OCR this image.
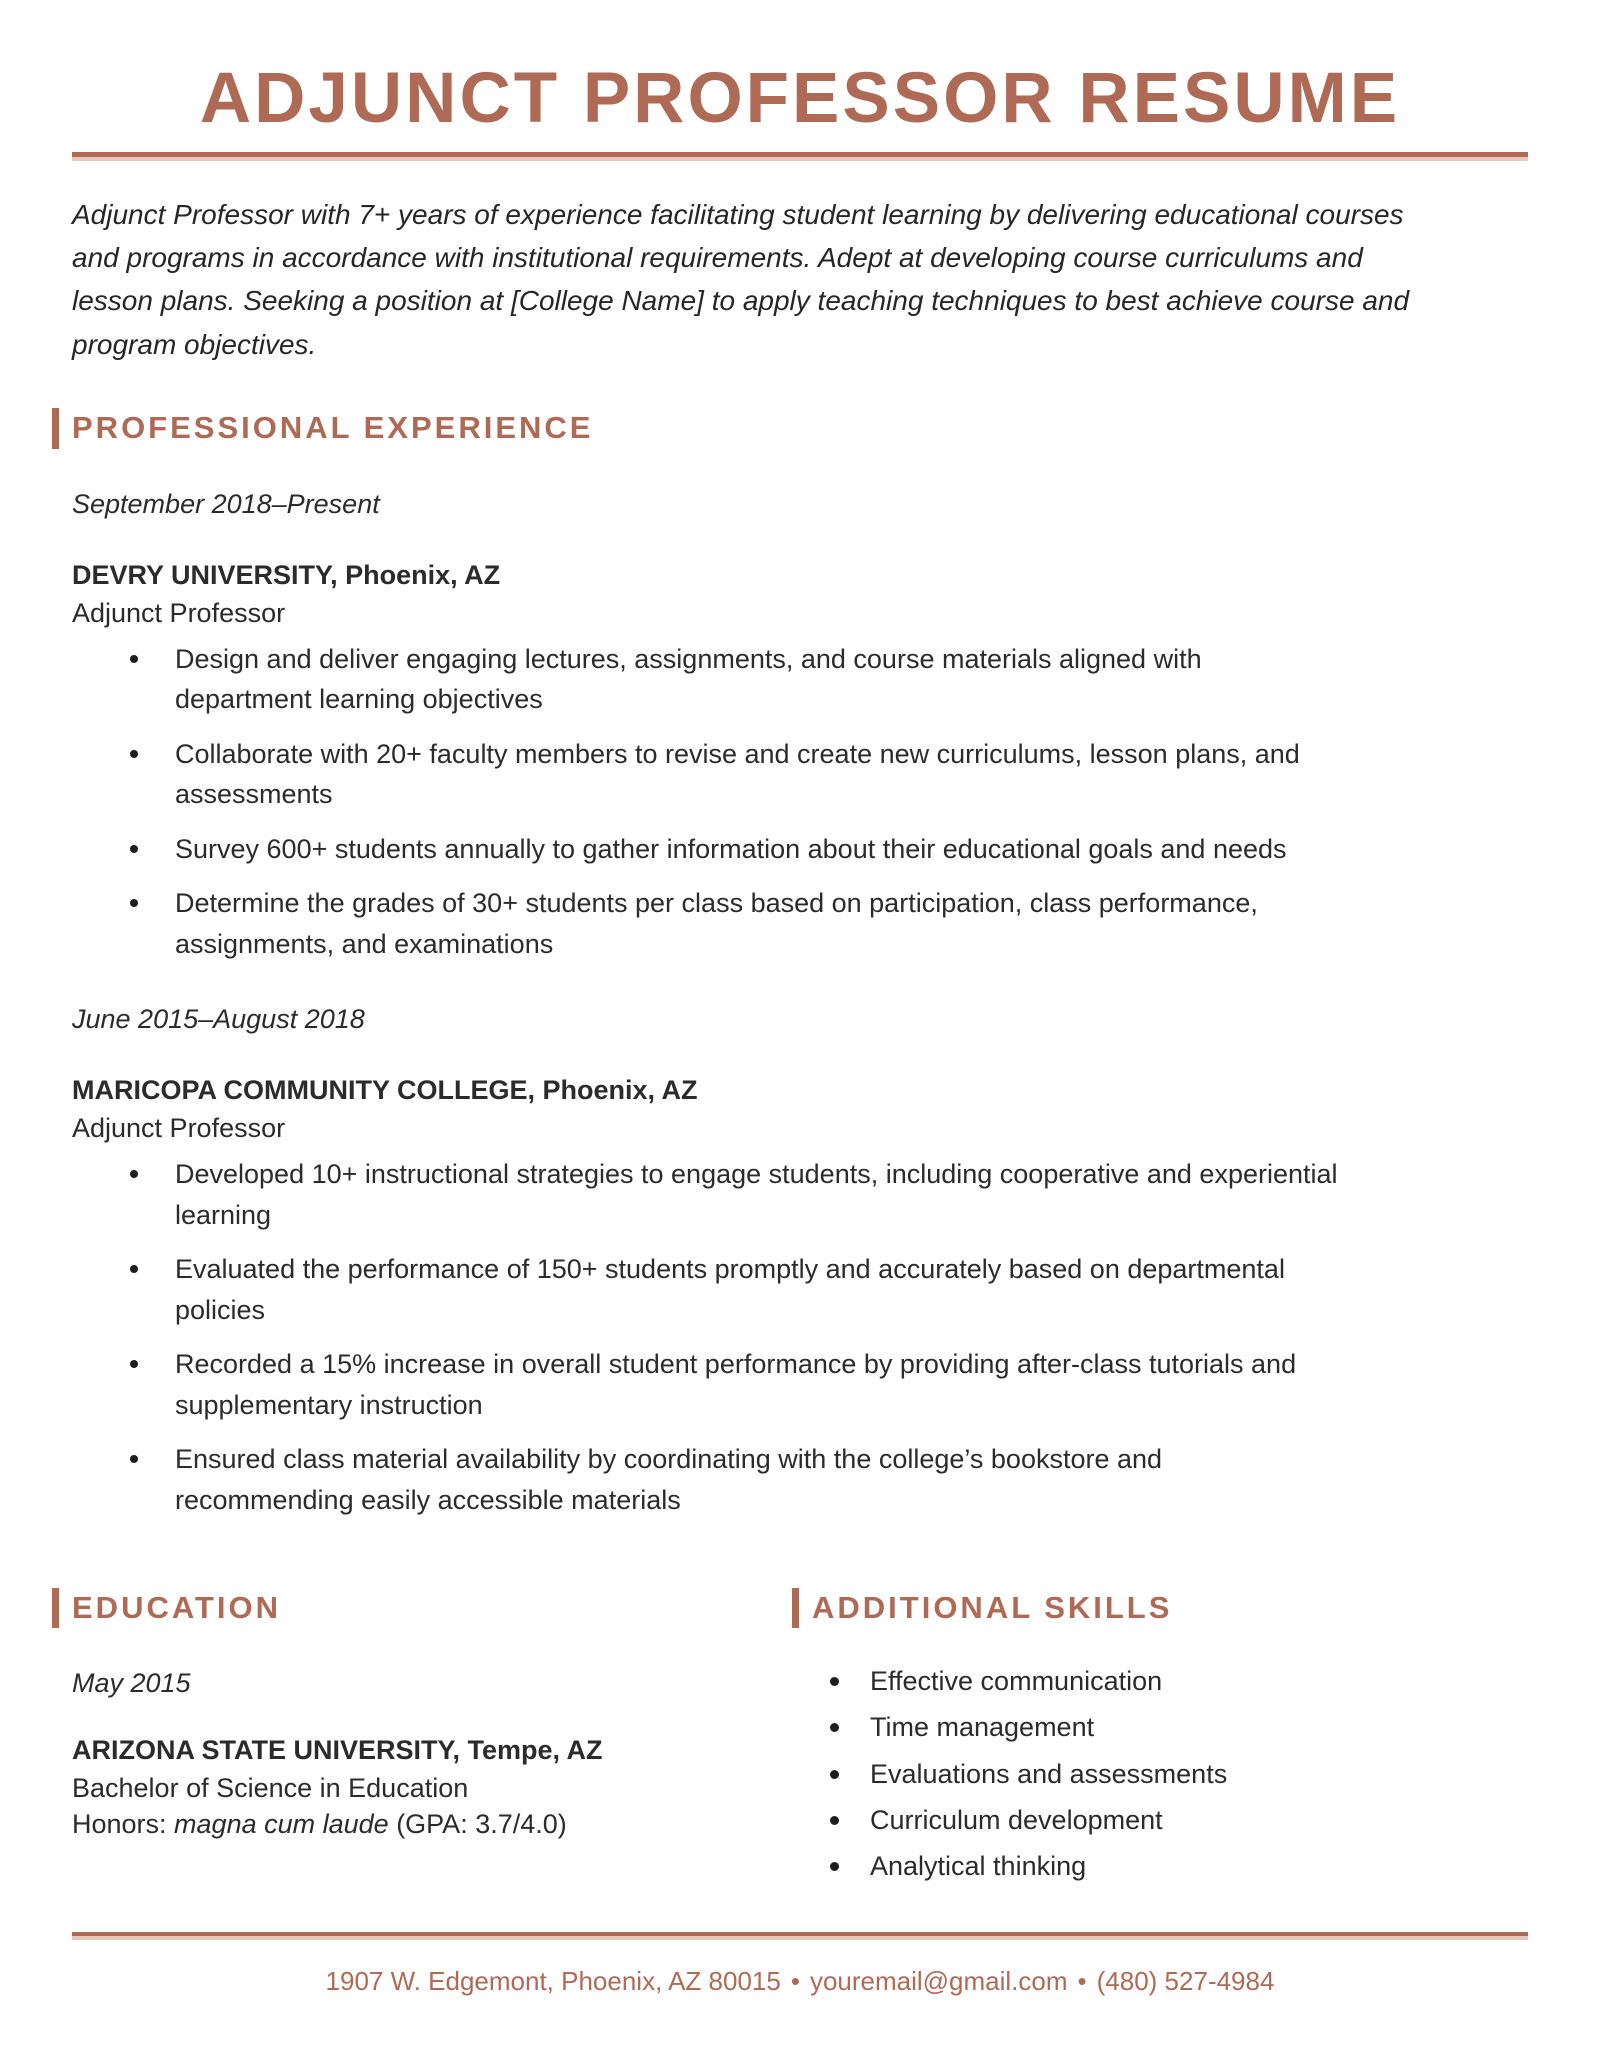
ADJUNCT PROFESSOR RESUME

Adjunct Professor with 7+ years of experience facilitating student learning by delivering educational courses and programs in accordance with institutional requirements. Adept at developing course curriculums and lesson plans. Seeking a position at [College Name] to apply teaching techniques to best achieve course and program objectives.

PROFESSIONAL EXPERIENCE

September 2018–Present

DEVRY UNIVERSITY, Phoenix, AZ

Adjunct Professor

Design and deliver engaging lectures, assignments, and course materials aligned with department learning objectives
Collaborate with 20+ faculty members to revise and create new curriculums, lesson plans, and assessments
Survey 600+ students annually to gather information about their educational goals and needs
Determine the grades of 30+ students per class based on participation, class performance, assignments, and examinations

June 2015–August 2018

MARICOPA COMMUNITY COLLEGE, Phoenix, AZ

Adjunct Professor

Developed 10+ instructional strategies to engage students, including cooperative and experiential learning
Evaluated the performance of 150+ students promptly and accurately based on departmental policies
Recorded a 15% increase in overall student performance by providing after-class tutorials and supplementary instruction
Ensured class material availability by coordinating with the college’s bookstore and recommending easily accessible materials
EDUCATION

May 2015

ARIZONA STATE UNIVERSITY, Tempe, AZ

Bachelor of Science in Education

Honors: magna cum laude (GPA: 3.7/4.0)

ADDITIONAL SKILLS
Effective communication
Time management
Evaluations and assessments
Curriculum development
Analytical thinking

1907 W. Edgemont, Phoenix, AZ 80015 • youremail@gmail.com • (480) 527-4984
